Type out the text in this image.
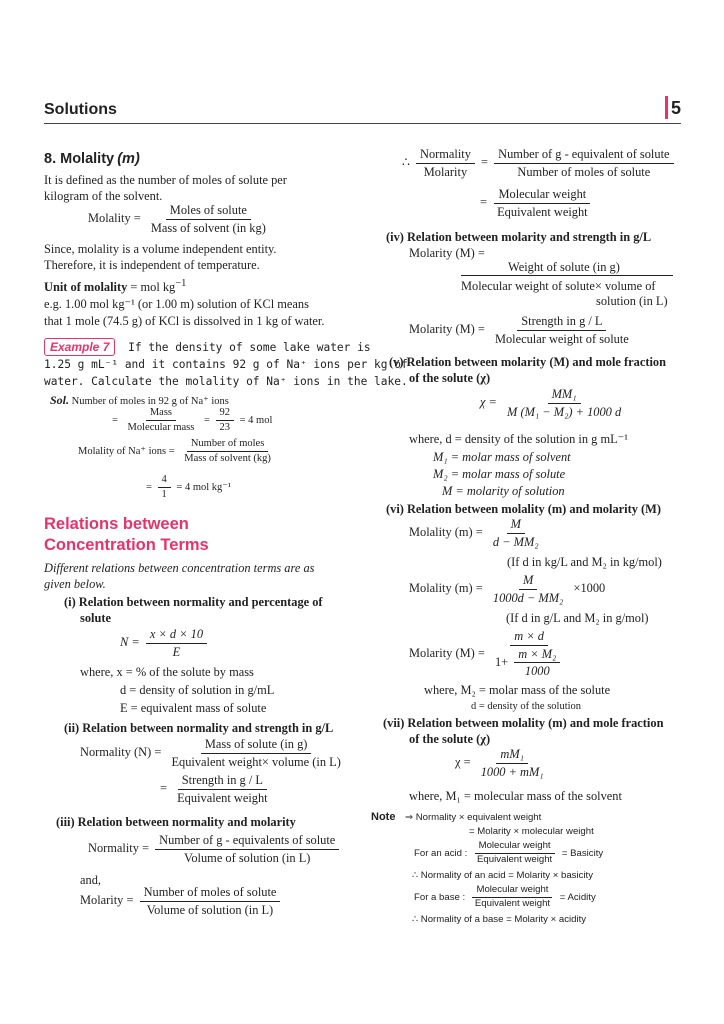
Solutions	5
8. Molality (m)
It is defined as the number of moles of solute per
kilogram of the solvent.
Molality = $\frac{\text{Moles of solute}}{\text{Mass of solvent (in kg)}}$
Since, molality is a volume independent entity.
Therefore, it is independent of temperature.
Unit of molality = mol $kg^{-1}$
e.g. 1.00 mol kg⁻¹ (or 1.00 m) solution of KCl means
that 1 mole (74.5 g) of KCl is dissolved in 1 kg of water.
Example 7 If the density of some lake water is
1.25 g mL⁻¹ and it contains 92 g of Na⁺ ions per kg of
water. Calculate the molality of Na⁺ ions in the lake.
Sol. Number of moles in 92 g of Na⁺ ions
= $\frac{\text{Mass}}{\text{Molecular mass}} = \frac{92}{23} = 4$ mol
Molality of Na⁺ ions = $\frac{\text{Number of moles}}{\text{Mass of solvent (kg)}}$
= $\frac{4}{1} = 4$ mol kg⁻¹
Relations between
Concentration Terms
Different relations between concentration terms are as
given below.
(i) Relation between normality and percentage of
solute
$N = \frac{x \times d \times 10}{E}$
where, x = % of the solute by mass
d = density of solution in g/mL
E = equivalent mass of solute
(ii) Relation between normality and strength in g/L
Normality $(N) = \frac{\text{Mass of solute (in g)}}{\text{Equivalent weight× volume (in L)}}$
= $\frac{\text{Strength in g / L}}{\text{Equivalent weight}}$
(iii) Relation between normality and molarity
Normality = $\frac{\text{Number of g - equivalents of solute}}{\text{Volume of solution (in L)}}$
and,
Molarity = $\frac{\text{Number of moles of solute}}{\text{Volume of solution (in L)}}$
∴ $\frac{\text{Normality}}{\text{Molarity}} = \frac{\text{Number of g - equivalent of solute}}{\text{Number of moles of solute}}$
= $\frac{\text{Molecular weight}}{\text{Equivalent weight}}$
(iv) Relation between molarity and strength in g/L
Molarity (M) =
Weight of solute (in g)
Molecular weight of solute× volume of
solution (in L)
Molarity $(M) = \frac{\text{Strength in g / L}}{\text{Molecular weight of solute}}$
(v) Relation between molarity (M) and mole fraction
of the solute (χ)
$\chi = \frac{\text{MM₁}}{\text{M (M₁ − M₂) + 1000 d}}$
where, d = density of the solution in g mL⁻¹
M₁ = molar mass of solvent
M₂ = molar mass of solute
M = molarity of solution
(vi) Relation between molality (m) and molarity (M)
Molality $(m) = \frac{M}{\text{d − MM₂}}$
(If d in kg/L and M₂ in kg/mol)
Molality $(m) = \frac{M}{\text{1000d − MM₂}} \times 1000$
(If d in g/L and M₂ in g/mol)
Molarity $(M) = \frac{m \times d}{1+ \frac{\text{m × M₂}}{1000}}$
where, M₂ = molar mass of the solute
d = density of the solution
(vii) Relation between molality (m) and mole fraction
of the solute (χ)
$\chi = \frac{\text{mM₁}}{\text{1000 + mM₁}}$
where, M₁ = molecular mass of the solvent
Note ⇒ Normality × equivalent weight
= Molarity × molecular weight
For an acid : $\frac{\text{Molecular weight}}{\text{Equivalent weight}}$ = Basicity
∴ Normality of an acid = Molarity × basicity
For a base : $\frac{\text{Molecular weight}}{\text{Equivalent weight}}$ = Acidity
∴ Normality of a base = Molarity × acidity
